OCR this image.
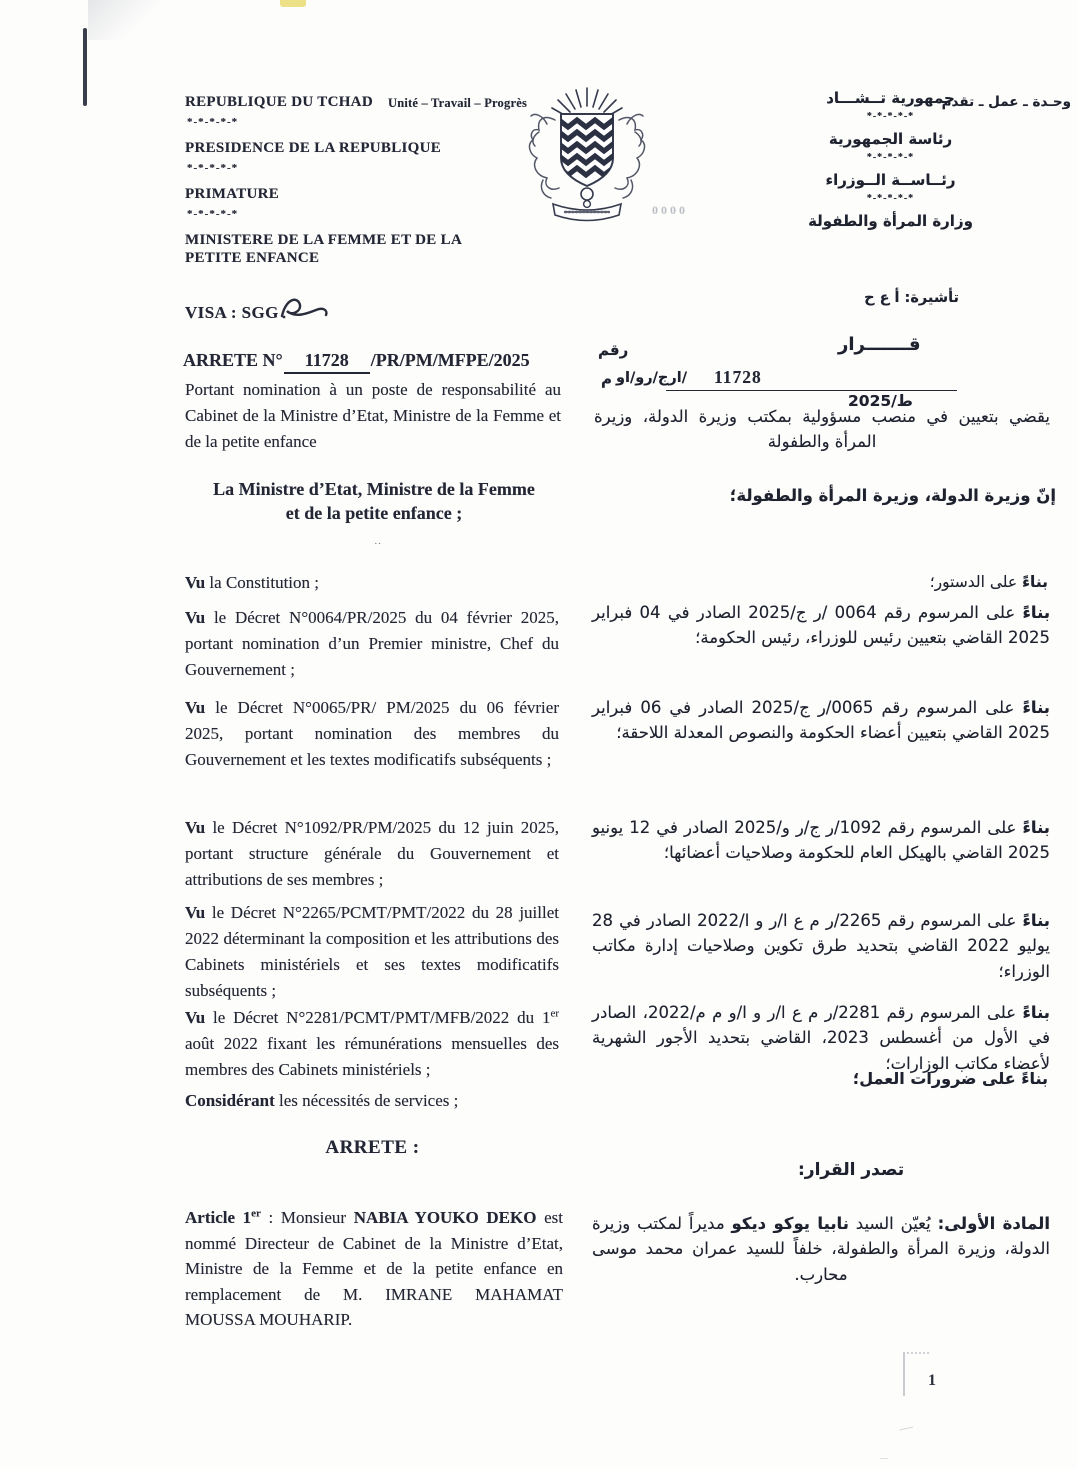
REPUBLIQUE DU TCHAD
*-*-*-*-*
PRESIDENCE DE LA REPUBLIQUE
*-*-*-*-*
PRIMATURE
*-*-*-*-*
MINISTERE DE LA FEMME ET DE LA PETITE ENFANCE
Unité – Travail – Progrès
0000
جمهورية تــشـــاد
*-*-*-*-*
رئاسة الجمهورية
*-*-*-*-*
رئــاســة الــوزراء
*-*-*-*-*
وزارة المرأة والطفولة
وحـدة ـ عمل ـ تقدم
VISA : SGG
تأشيرة: أ ع ح
ARRETE N° 11728 /PR/PM/MFPE/2025
Portant nomination à un poste de responsabilité au Cabinet de la Ministre d’Etat, Ministre de la Femme et de la petite enfance
قـــــــرار
رقم
م /ارج/رو/او 11728
ط/2025
يقضي بتعيين في منصب مسؤولية بمكتب وزيرة الدولة، وزيرة المرأة والطفولة
La Ministre d’Etat, Ministre de la Femme
et de la petite enfance ;
··
إنّ وزيرة الدولة، وزيرة المرأة والطفولة؛

Vu la Constitution ;	بناءً على الدستور؛

Vu le Décret N°0064/PR/2025 du 04 février 2025, portant nomination d’un Premier ministre, Chef du Gouvernement ;

بناءً على المرسوم رقم 0064 /ر ج/2025 الصادر في 04 فبراير 2025 القاضي بتعيين رئيس للوزراء، رئيس الحكومة؛

Vu le Décret N°0065/PR/ PM/2025 du 06 février 2025, portant nomination des membres du Gouvernement et les textes modificatifs subséquents ;

بناءً على المرسوم رقم 0065/ر ج/2025 الصادر في 06 فبراير 2025 القاضي بتعيين أعضاء الحكومة والنصوص المعدلة اللاحقة؛

Vu le Décret N°1092/PR/PM/2025 du 12 juin 2025, portant structure générale du Gouvernement et attributions de ses membres ;

بناءً على المرسوم رقم 1092/ر ج/ر و/2025 الصادر في 12 يونيو 2025 القاضي بالهيكل العام للحكومة وصلاحيات أعضائها؛

Vu le Décret N°2265/PCMT/PMT/2022 du 28 juillet 2022 déterminant la composition et les attributions des Cabinets ministériels et ses textes modificatifs subséquents ;

بناءً على المرسوم رقم 2265/ر م ع ا/ر و ا/2022 الصادر في 28 يوليو 2022 القاضي بتحديد طرق تكوين وصلاحيات إدارة مكاتب الوزراء؛

Vu le Décret N°2281/PCMT/PMT/MFB/2022 du 1er août 2022 fixant les rémunérations mensuelles des membres des Cabinets ministériels ;

بناءً على المرسوم رقم 2281/ر م ع ا/ر و ا/و م م/2022، الصادر في الأول من أغسطس 2023، القاضي بتحديد الأجور الشهرية لأعضاء مكاتب الوزارات؛

بناءً على ضرورات العمل؛
Considérant les nécessités de services ;
ARRETE :
تصدر القرار:

Article 1er : Monsieur NABIA YOUKO DEKO est nommé Directeur de Cabinet de la Ministre d’Etat, Ministre de la Femme et de la petite enfance en remplacement de M. IMRANE MAHAMAT MOUSSA MOUHARIP.

المادة الأولى: يُعيّن السيد نابيا يوكو ديكو مديراً لمكتب وزيرة الدولة، وزيرة المرأة والطفولة، خلفاً للسيد عمران محمد موسى محارب.

1
